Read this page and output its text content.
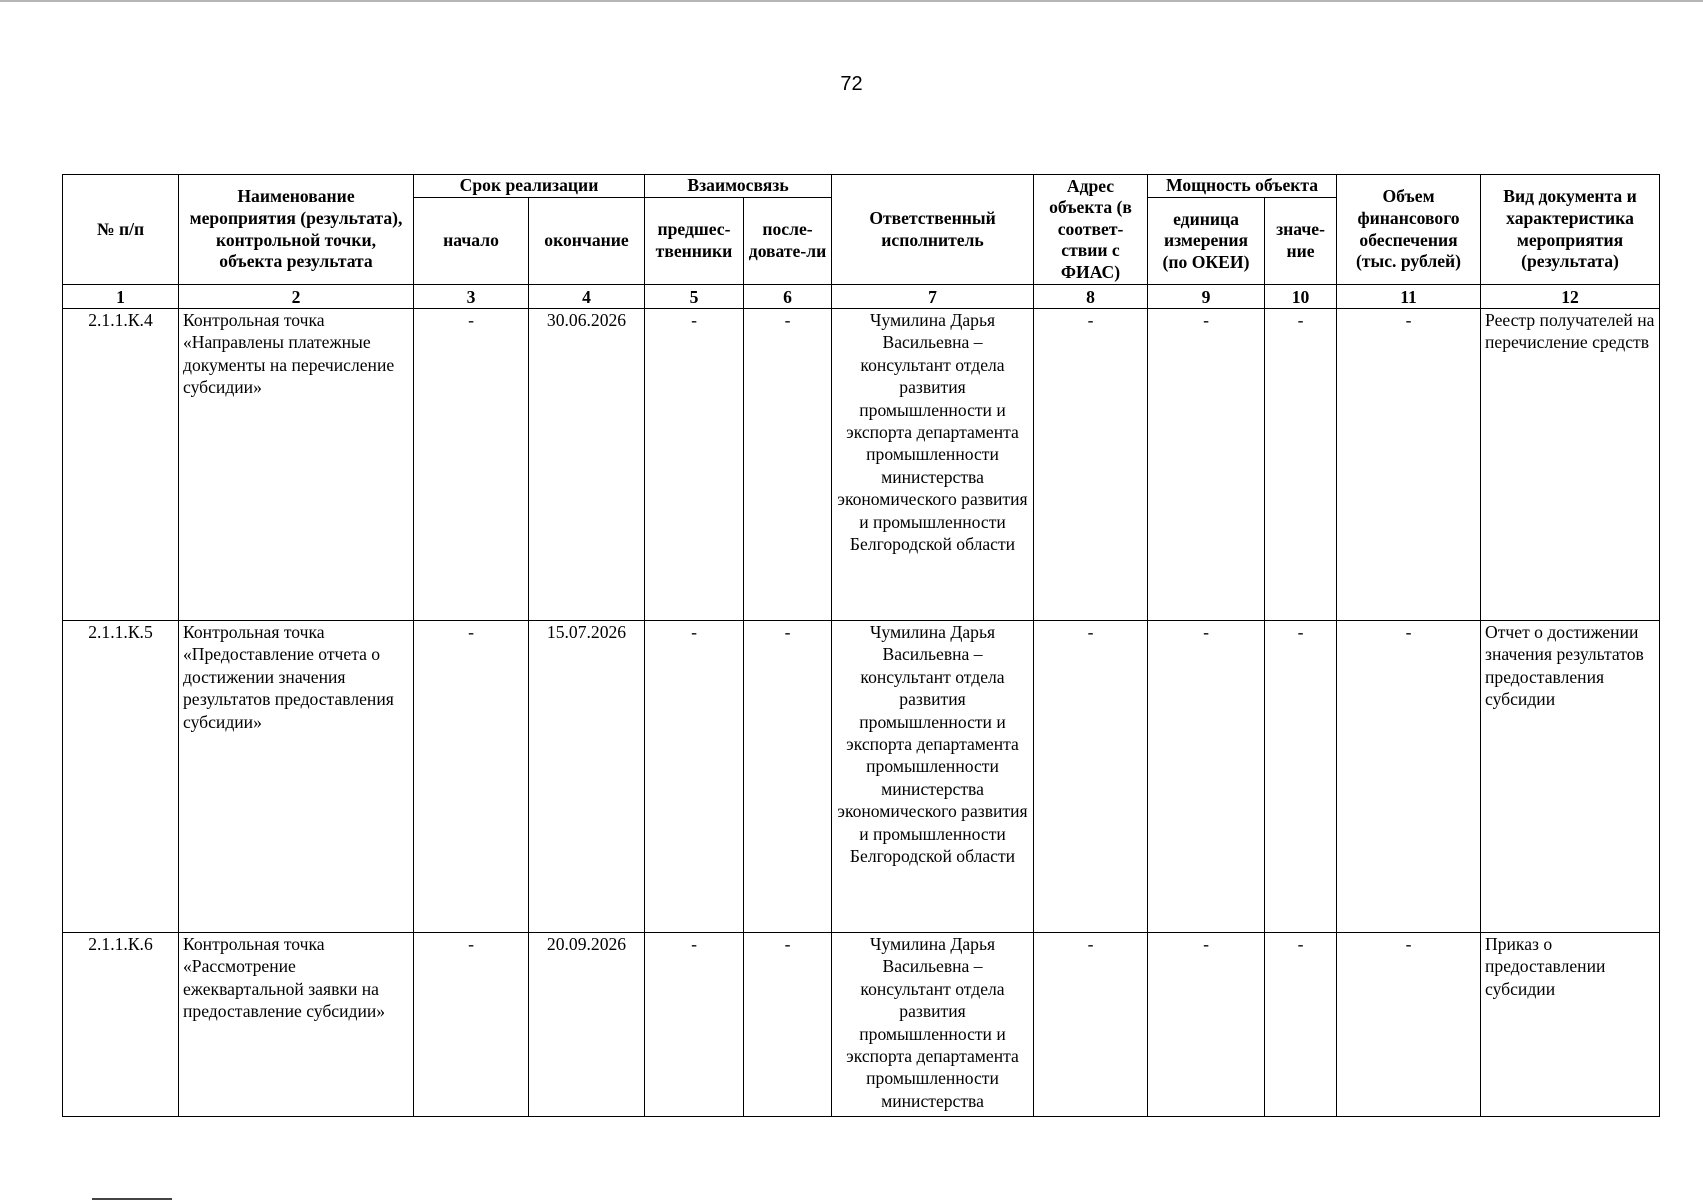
72
№ п/п	Наименование мероприятия (результата), контрольной точки, объекта результата	Срок реализации		Взаимосвязь		Ответственный исполнитель	Адрес объекта (в соответ-ствии с ФИАС)	Мощность объекта		Объем финансового обеспечения (тыс. рублей)	Вид документа и характеристика мероприятия (результата)
		начало	окончание	предшес-твенники	после-довате-ли			единица измерения (по ОКЕИ)	значе-ние		
1	2	3	4	5	6	7	8	9	10	11	12
2.1.1.К.4	Контрольная точка «Направлены платежные документы на перечисление субсидии»	-	30.06.2026	-	-	Чумилина Дарья Васильевна – консультант отдела развития промышленности и экспорта департамента промышленности министерства экономического развития и промышленности Белгородской области	-	-	-	-	Реестр получателей на перечисление средств
2.1.1.К.5	Контрольная точка «Предоставление отчета о достижении значения результатов предоставления субсидии»	-	15.07.2026	-	-	Чумилина Дарья Васильевна – консультант отдела развития промышленности и экспорта департамента промышленности министерства экономического развития и промышленности Белгородской области	-	-	-	-	Отчет о достижении значения результатов предоставления субсидии
2.1.1.К.6	Контрольная точка «Рассмотрение ежеквартальной заявки на предоставление субсидии»	-	20.09.2026	-	-	Чумилина Дарья Васильевна – консультант отдела развития промышленности и экспорта департамента промышленности министерства	-	-	-	-	Приказ о предоставлении субсидии
